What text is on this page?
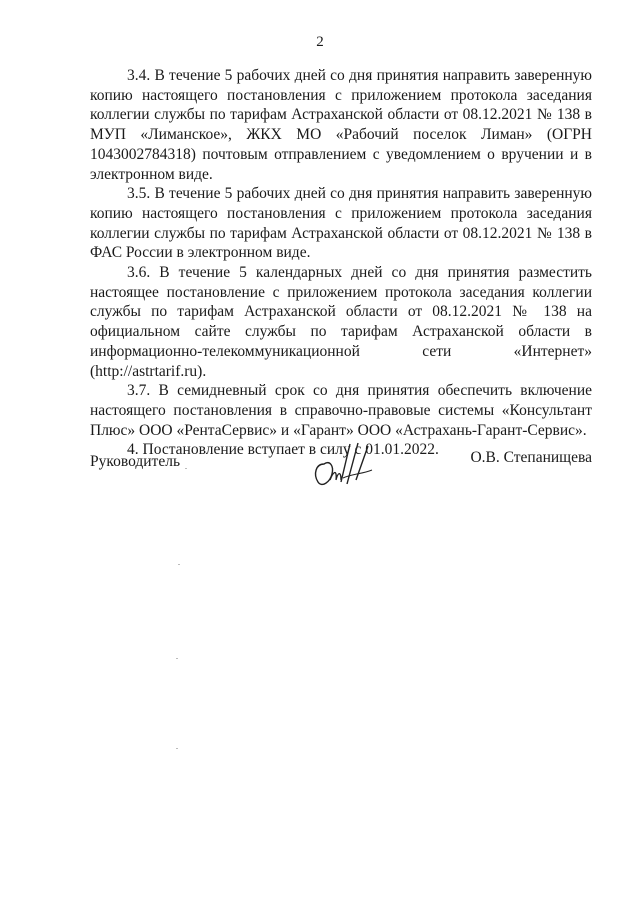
2

3.4. В течение 5 рабочих дней со дня принятия направить заверенную копию настоящего постановления с приложением протокола заседания коллегии службы по тарифам Астраханской области от 08.12.2021 № 138 в МУП «Лиманское», ЖКХ МО «Рабочий поселок Лиман» (ОГРН 1043002784318) почтовым отправлением с уведомлением о вручении и в электронном виде.

3.5. В течение 5 рабочих дней со дня принятия направить заверенную копию настоящего постановления с приложением протокола заседания коллегии службы по тарифам Астраханской области от 08.12.2021 № 138 в ФАС России в электронном виде.

3.6. В течение 5 календарных дней со дня принятия разместить настоящее постановление с приложением протокола заседания коллегии службы по тарифам Астраханской области от 08.12.2021 № 138 на официальном сайте службы по тарифам Астраханской области в информационно-телекоммуникационной сети «Интернет» (http://astrtarif.ru).

3.7. В семидневный срок со дня принятия обеспечить включение настоящего постановления в справочно-правовые системы «Консультант Плюс» ООО «РентаСервис» и «Гарант» ООО «Астрахань-Гарант-Сервис».

4. Постановление вступает в силу с 01.01.2022.

Руководитель	О.В. Степанищева
